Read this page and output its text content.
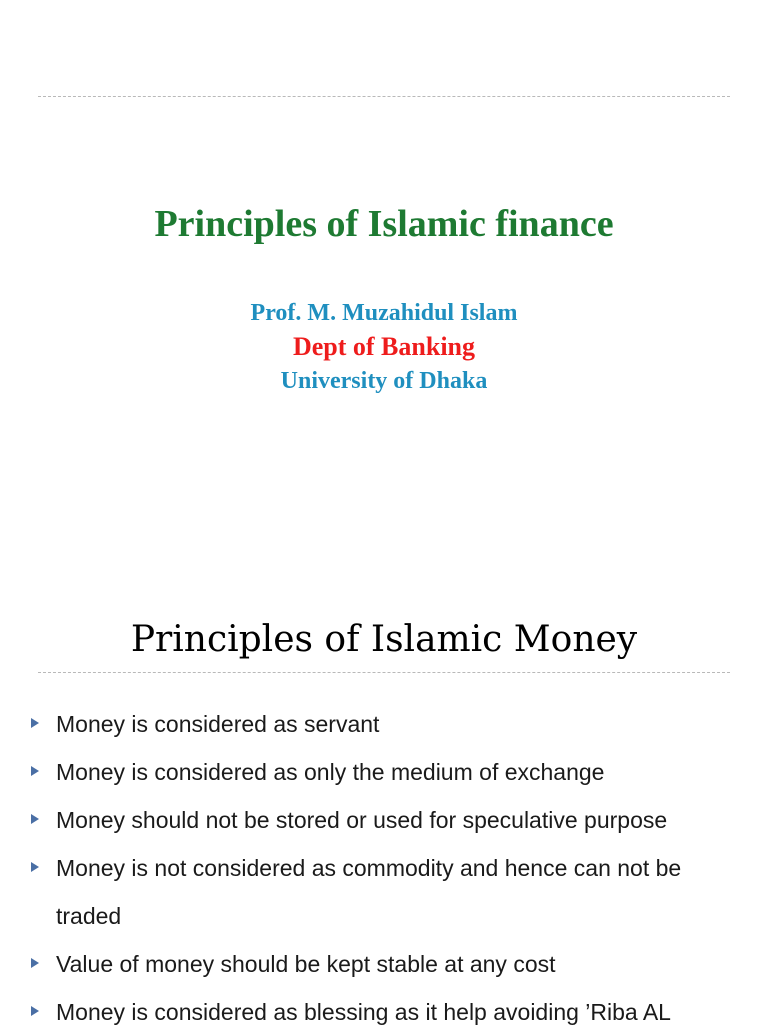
Principles of Islamic finance
Prof. M. Muzahidul Islam
Dept of Banking
University of Dhaka
Principles of Islamic Money
Money is considered as servant
Money is considered as only the medium of exchange
Money should not be stored or used for speculative purpose
Money is not considered as commodity and hence can not be traded
Value of money should be kept stable at any cost
Money is considered as blessing as it help avoiding ’Riba AL
